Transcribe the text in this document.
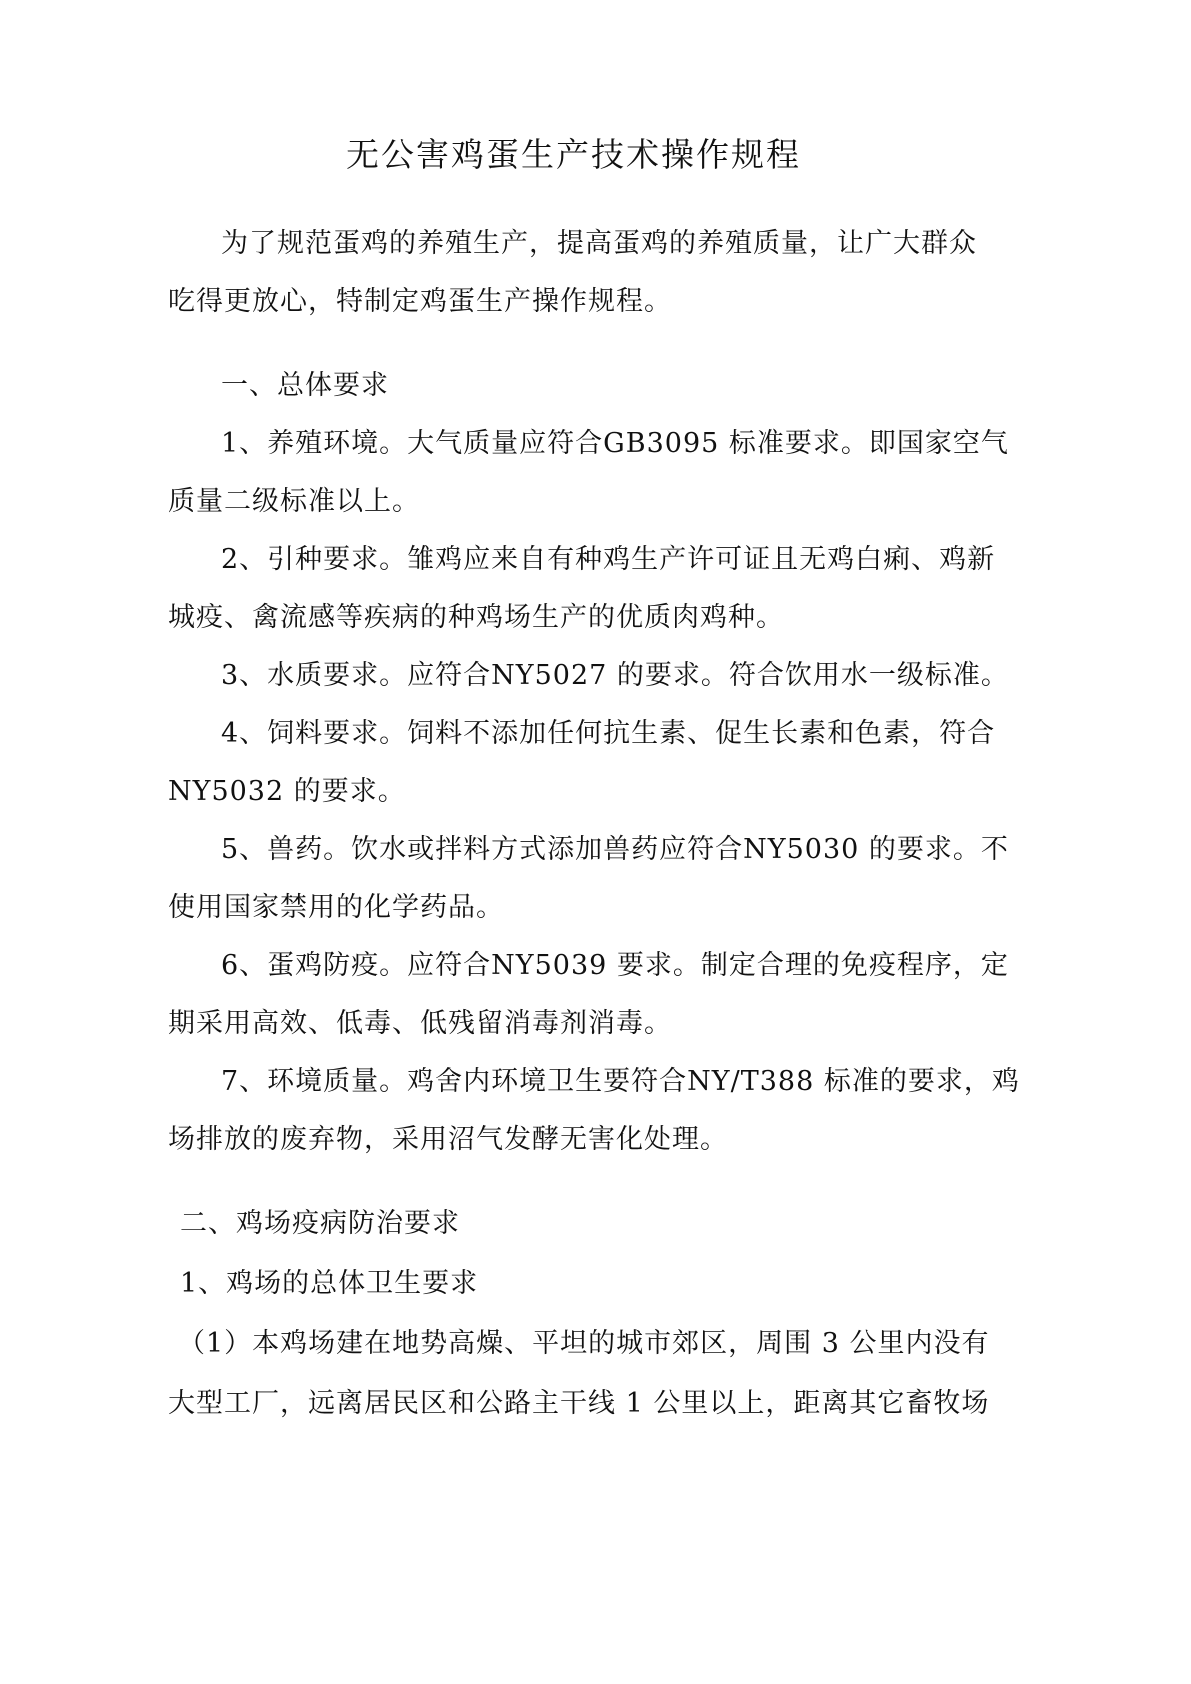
无公害鸡蛋生产技术操作规程
为了规范蛋鸡的养殖生产，提高蛋鸡的养殖质量，让广大群众
吃得更放心，特制定鸡蛋生产操作规程。
一、总体要求
1、养殖环境。大气质量应符合GB3095 标准要求。即国家空气
质量二级标准以上。
2、引种要求。雏鸡应来自有种鸡生产许可证且无鸡白痢、鸡新
城疫、禽流感等疾病的种鸡场生产的优质肉鸡种。
3、水质要求。应符合NY5027 的要求。符合饮用水一级标准。
4、饲料要求。饲料不添加任何抗生素、促生长素和色素，符合
NY5032 的要求。
5、兽药。饮水或拌料方式添加兽药应符合NY5030 的要求。不
使用国家禁用的化学药品。
6、蛋鸡防疫。应符合NY5039 要求。制定合理的免疫程序，定
期采用高效、低毒、低残留消毒剂消毒。
7、环境质量。鸡舍内环境卫生要符合NY/T388 标准的要求，鸡
场排放的废弃物，采用沼气发酵无害化处理。
二、鸡场疫病防治要求
1、鸡场的总体卫生要求
（1）本鸡场建在地势高燥、平坦的城市郊区，周围 3 公里内没有
大型工厂，远离居民区和公路主干线 1 公里以上，距离其它畜牧场
